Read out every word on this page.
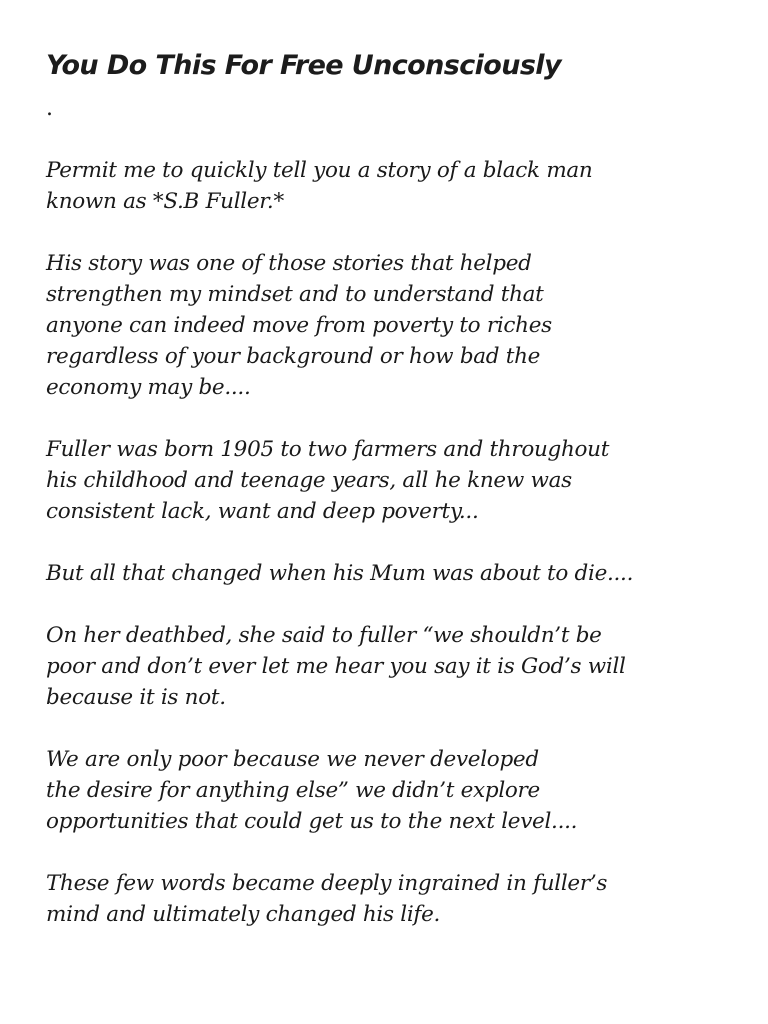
You Do This For Free Unconsciously
.

Permit me to quickly tell you a story of a black man
known as *S.B Fuller.*

His story was one of those stories that helped
strengthen my mindset and to understand that
anyone can indeed move from poverty to riches
regardless of your background or how bad the
economy may be....

Fuller was born 1905 to two farmers and throughout
his childhood and teenage years, all he knew was
consistent lack, want and deep poverty...

But all that changed when his Mum was about to die....

On her deathbed, she said to fuller “we shouldn’t be
poor and don’t ever let me hear you say it is God’s will
because it is not.

We are only poor because we never developed
the desire for anything else” we didn’t explore
opportunities that could get us to the next level....

These few words became deeply ingrained in fuller’s
mind and ultimately changed his life.
